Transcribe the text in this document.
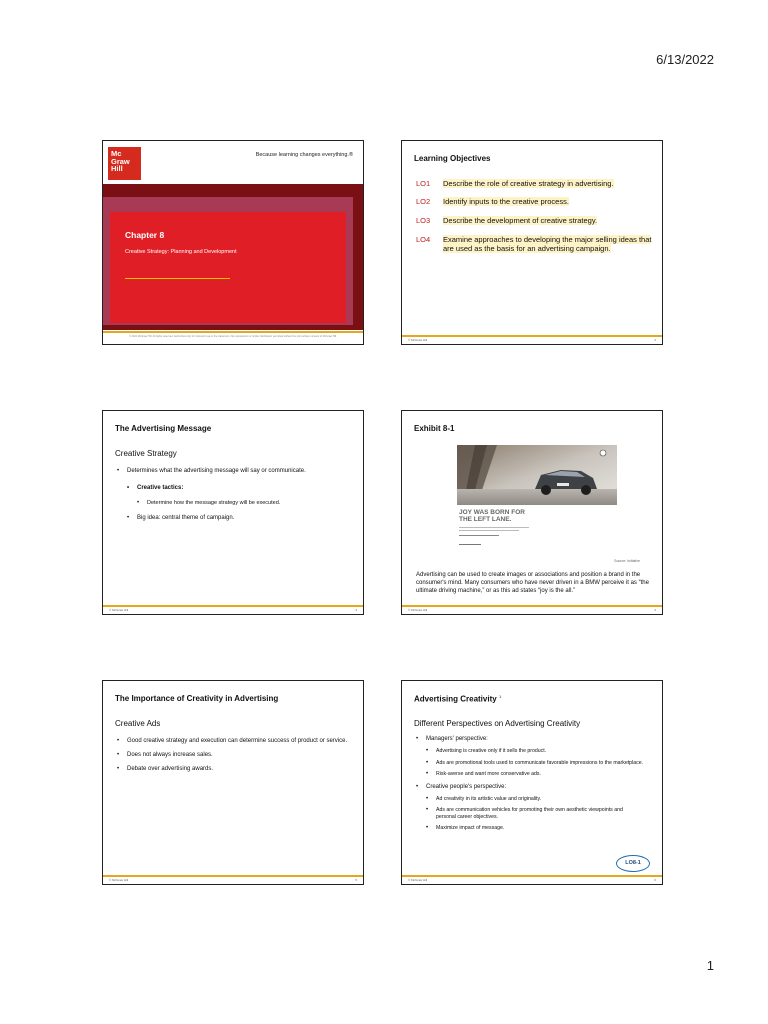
6/13/2022
Mc
Graw
Hill
Because learning changes everything.®
Chapter 8
Creative Strategy: Planning and Development
© 2021 McGraw Hill. All rights reserved. Authorized only for instructor use in the classroom. No reproduction or further distribution permitted without the prior written consent of McGraw Hill.
Learning Objectives
LO1 Describe the role of creative strategy in advertising.
LO2 Identify inputs to the creative process.
LO3 Describe the development of creative strategy.
LO4 Examine approaches to developing the major selling ideas that are used as the basis for an advertising campaign.
© McGraw Hill	2
The Advertising Message
Creative Strategy
• Determines what the advertising message will say or communicate.
• Creative tactics:
• Determine how the message strategy will be executed.
• Big idea: central theme of campaign.
© McGraw Hill	3
Exhibit 8-1
JOY WAS BORN FOR
THE LEFT LANE.
Source: Initiative
Advertising can be used to create images or associations and position a brand in the consumer's mind. Many consumers who have never driven in a BMW perceive it as “the ultimate driving machine,” or as this ad states “joy is the all.”
© McGraw Hill	4
The Importance of Creativity in Advertising
Creative Ads
• Good creative strategy and execution can determine success of product or service.
• Does not always increase sales.
• Debate over advertising awards.
© McGraw Hill	5
Advertising Creativity $^1$
Different Perspectives on Advertising Creativity
• Managers' perspective:
• Advertising is creative only if it sells the product.
• Ads are promotional tools used to communicate favorable impressions to the marketplace.
• Risk-averse and want more conservative ads.
• Creative people's perspective:
• Ad creativity in its artistic value and originality.
• Ads are communication vehicles for promoting their own aesthetic viewpoints and personal career objectives.
• Maximize impact of message.
LO8-1
© McGraw Hill	6
1
